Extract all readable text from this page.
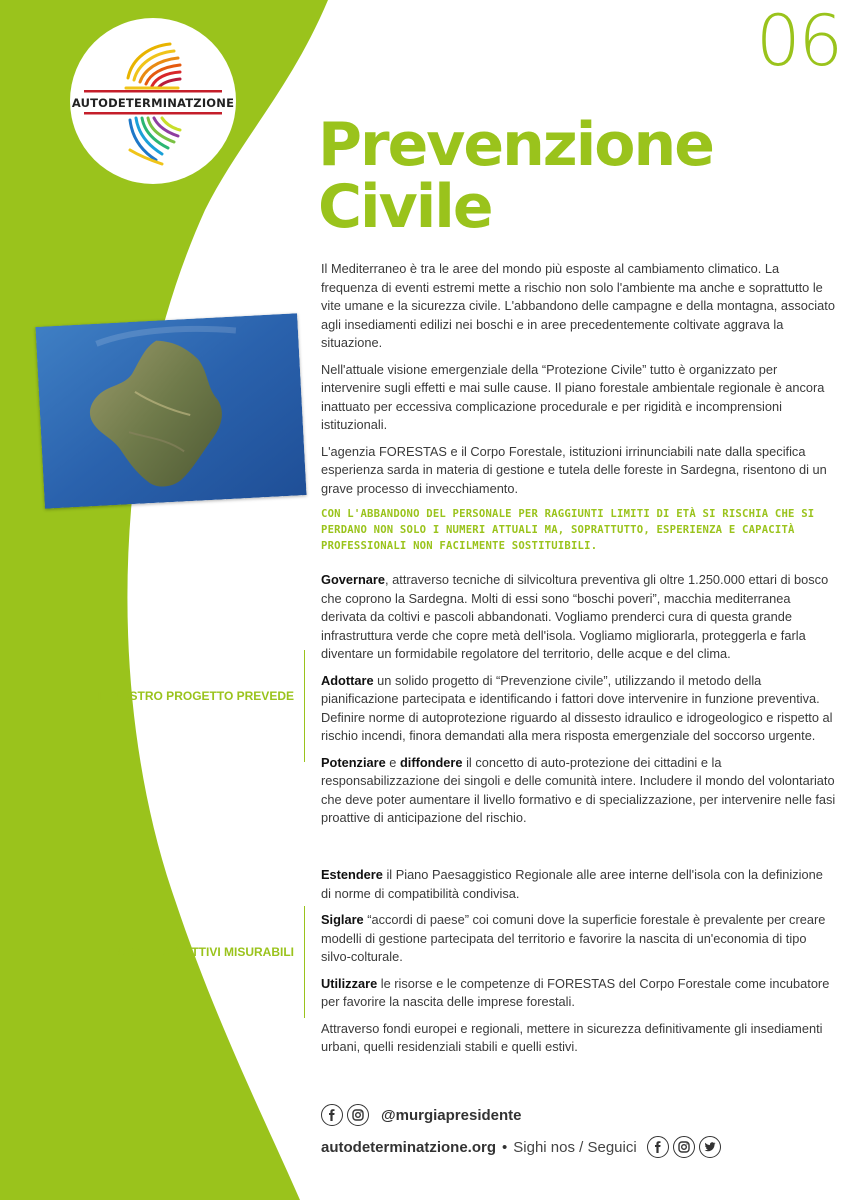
AUTODETERMINATZIONE
06
Prevenzione
Civile

Il Mediterraneo è tra le aree del mondo più esposte al cambiamento climatico. La frequenza di eventi estremi mette a rischio non solo l'ambiente ma anche e soprattutto le vite umane e la sicurezza civile. L'abbandono delle campagne e della montagna, associato agli insediamenti edilizi nei boschi e in aree precedentemente coltivate aggrava la situazione.

Nell'attuale visione emergenziale della “Protezione Civile” tutto è organizzato per intervenire sugli effetti e mai sulle cause. Il piano forestale ambientale regionale è ancora inattuato per eccessiva complicazione procedurale e per rigidità e incomprensioni istituzionali.

L'agenzia FORESTAS e il Corpo Forestale, istituzioni irrinunciabili nate dalla specifica esperienza sarda in materia di gestione e tutela delle foreste in Sardegna, risentono di un grave processo di invecchiamento.

CON L'ABBANDONO DEL PERSONALE PER RAGGIUNTI LIMITI DI ETÀ SI RISCHIA CHE SI PERDANO NON SOLO I NUMERI ATTUALI MA, SOPRATTUTTO, ESPERIENZA E CAPACITÀ PROFESSIONALI NON FACILMENTE SOSTITUIBILI.

IL NOSTRO PROGETTO PREVEDE

Governare, attraverso tecniche di silvicoltura preventiva gli oltre 1.250.000 ettari di bosco che coprono la Sardegna. Molti di essi sono “boschi poveri”, macchia mediterranea derivata da coltivi e pascoli abbandonati. Vogliamo prenderci cura di questa grande infrastruttura verde che copre metà dell'isola. Vogliamo migliorarla, proteggerla e farla diventare un formidabile regolatore del territorio, delle acque e del clima.

Adottare un solido progetto di “Prevenzione civile”, utilizzando il metodo della pianificazione partecipata e identificando i fattori dove intervenire in funzione preventiva. Definire norme di autoprotezione riguardo al dissesto idraulico e idrogeologico e rispetto al rischio incendi, finora demandati alla mera risposta emergenziale del soccorso urgente.

Potenziare e diffondere il concetto di auto-protezione dei cittadini e la responsabilizzazione dei singoli e delle comunità intere. Includere il mondo del volontariato che deve poter aumentare il livello formativo e di specializzazione, per intervenire nelle fasi proattive di anticipazione del rischio.

I NOSTRI OBIETTIVI MISURABILI

Estendere il Piano Paesaggistico Regionale alle aree interne dell'isola con la definizione di norme di compatibilità condivisa.

Siglare “accordi di paese” coi comuni dove la superficie forestale è prevalente per creare modelli di gestione partecipata del territorio e favorire la nascita di un'economia di tipo silvo-colturale.

Utilizzare le risorse e le competenze di FORESTAS del Corpo Forestale come incubatore per favorire la nascita delle imprese forestali.

Attraverso fondi europei e regionali, mettere in sicurezza definitivamente gli insediamenti urbani, quelli residenziali stabili e quelli estivi.

@murgiapresidente
autodeterminatzione.org • Sighi nos / Seguici
